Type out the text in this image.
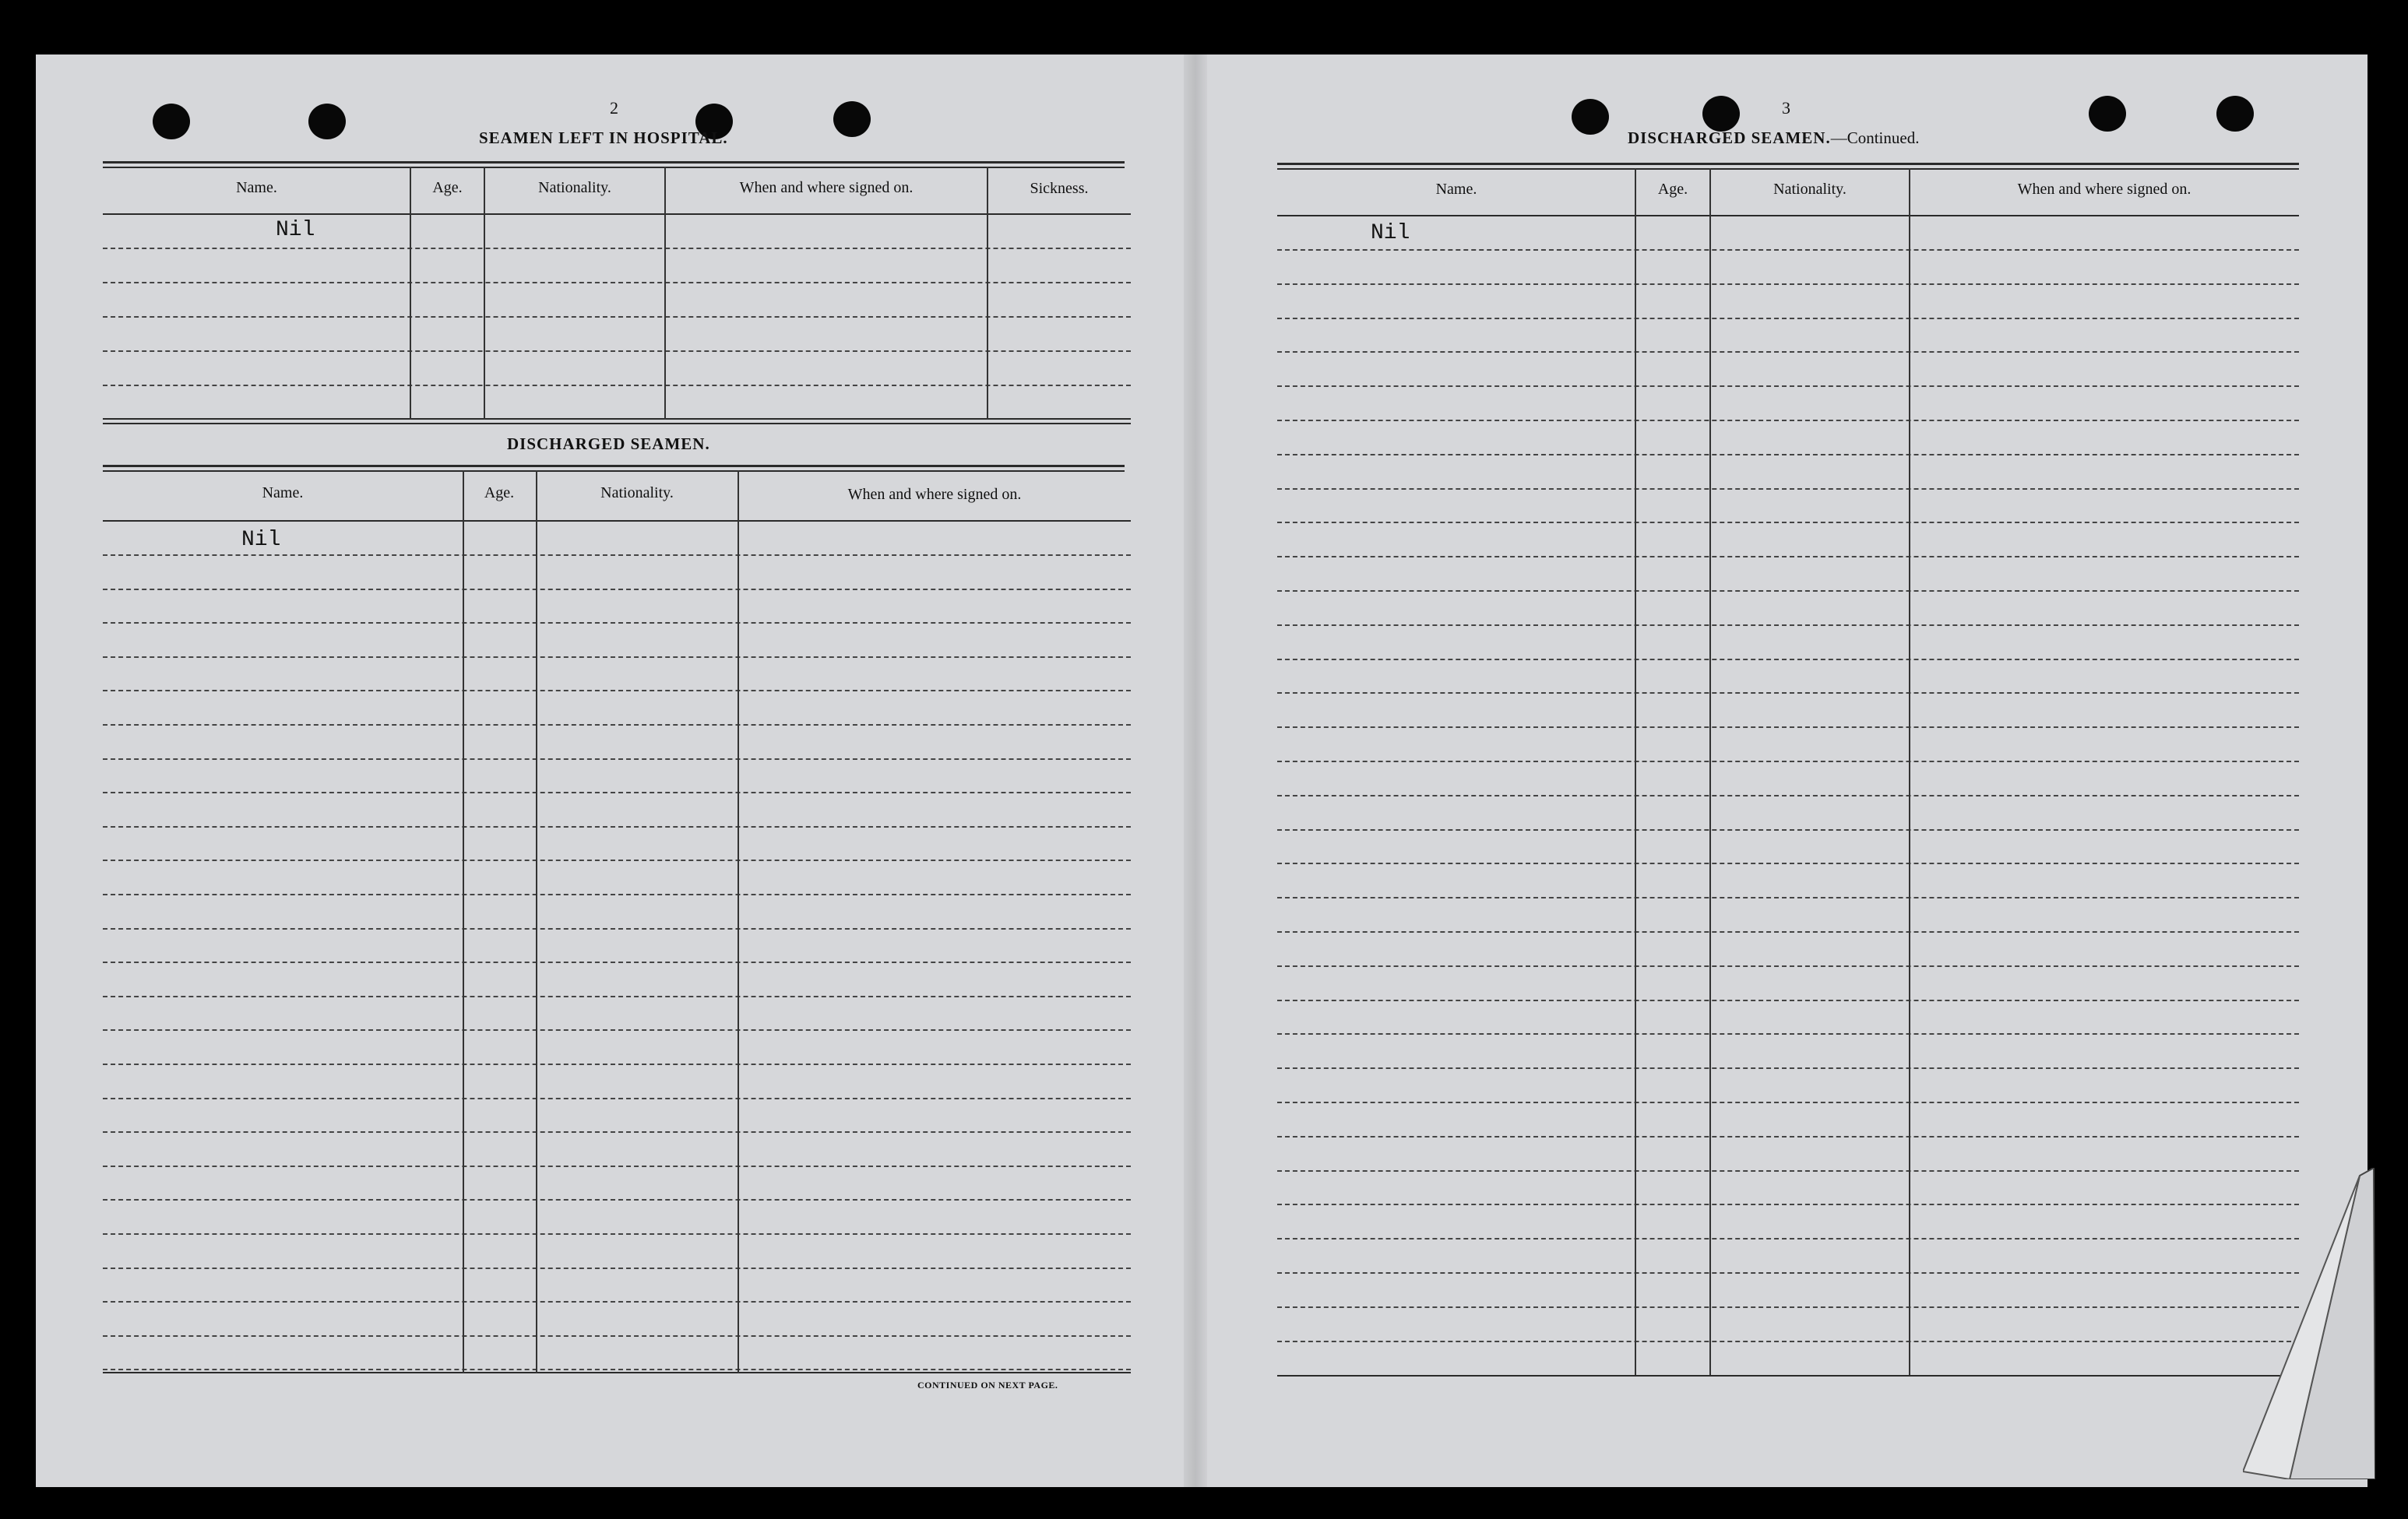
2
SEAMEN LEFT IN HOSPITAL.
Name.	Age.	Nationality.	When and where signed on.	Sickness.
Nil
DISCHARGED SEAMEN.
Name.	Age.	Nationality.	When and where signed on.
Nil
CONTINUED ON NEXT PAGE.
3
DISCHARGED SEAMEN.—Continued.
Name.	Age.	Nationality.	When and where signed on.
Nil
